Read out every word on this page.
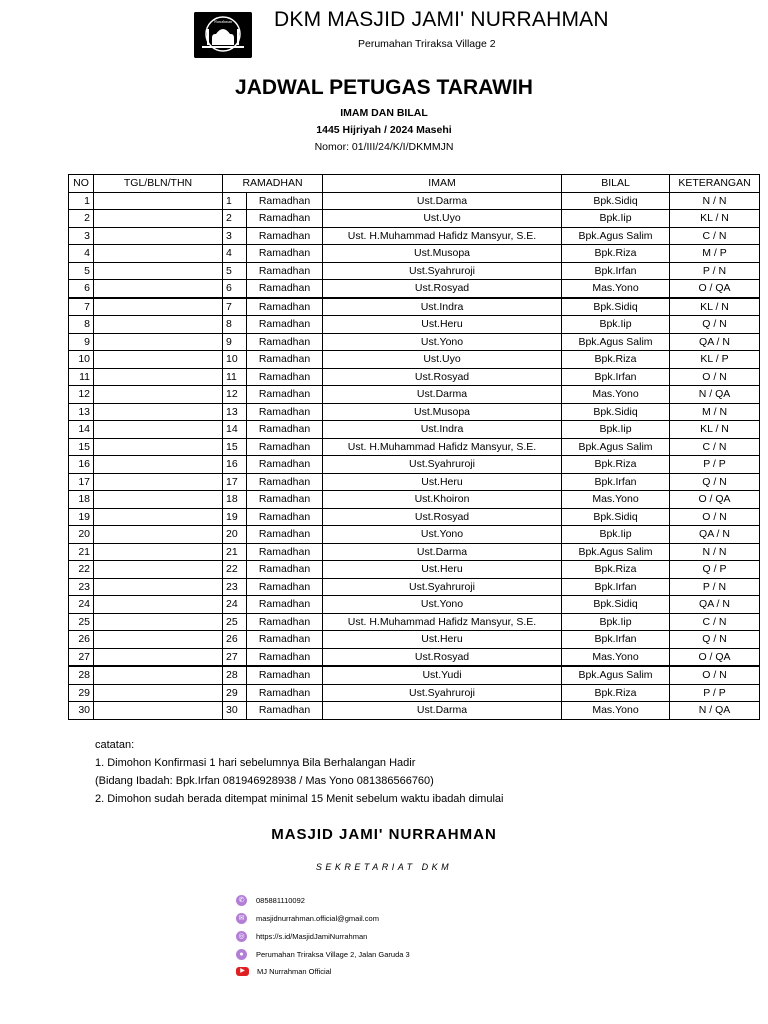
Nurrahman DKM MASJID JAMI' NURRAHMAN
Perumahan Triraksa Village 2
JADWAL PETUGAS TARAWIH
IMAM DAN BILAL
1445 Hijriyah / 2024 Masehi
Nomor: 01/III/24/K/I/DKMMJN
NO	TGL/BLN/THN	RAMADHAN		IMAM	BILAL	KETERANGAN
1		1	Ramadhan	Ust.Darma	Bpk.Sidiq	N / N
2		2	Ramadhan	Ust.Uyo	Bpk.Iip	KL / N
3		3	Ramadhan	Ust. H.Muhammad Hafidz Mansyur, S.E.	Bpk.Agus Salim	C / N
4		4	Ramadhan	Ust.Musopa	Bpk.Riza	M / P
5		5	Ramadhan	Ust.Syahruroji	Bpk.Irfan	P / N
6		6	Ramadhan	Ust.Rosyad	Mas.Yono	O / QA
7		7	Ramadhan	Ust.Indra	Bpk.Sidiq	KL / N
8		8	Ramadhan	Ust.Heru	Bpk.Iip	Q / N
9		9	Ramadhan	Ust.Yono	Bpk.Agus Salim	QA / N
10		10	Ramadhan	Ust.Uyo	Bpk.Riza	KL / P
11		11	Ramadhan	Ust.Rosyad	Bpk.Irfan	O / N
12		12	Ramadhan	Ust.Darma	Mas.Yono	N / QA
13		13	Ramadhan	Ust.Musopa	Bpk.Sidiq	M / N
14		14	Ramadhan	Ust.Indra	Bpk.Iip	KL / N
15		15	Ramadhan	Ust. H.Muhammad Hafidz Mansyur, S.E.	Bpk.Agus Salim	C / N
16		16	Ramadhan	Ust.Syahruroji	Bpk.Riza	P / P
17		17	Ramadhan	Ust.Heru	Bpk.Irfan	Q / N
18		18	Ramadhan	Ust.Khoiron	Mas.Yono	O / QA
19		19	Ramadhan	Ust.Rosyad	Bpk.Sidiq	O / N
20		20	Ramadhan	Ust.Yono	Bpk.Iip	QA / N
21		21	Ramadhan	Ust.Darma	Bpk.Agus Salim	N / N
22		22	Ramadhan	Ust.Heru	Bpk.Riza	Q / P
23		23	Ramadhan	Ust.Syahruroji	Bpk.Irfan	P / N
24		24	Ramadhan	Ust.Yono	Bpk.Sidiq	QA / N
25		25	Ramadhan	Ust. H.Muhammad Hafidz Mansyur, S.E.	Bpk.Iip	C / N
26		26	Ramadhan	Ust.Heru	Bpk.Irfan	Q / N
27		27	Ramadhan	Ust.Rosyad	Mas.Yono	O / QA
28		28	Ramadhan	Ust.Yudi	Bpk.Agus Salim	O / N
29		29	Ramadhan	Ust.Syahruroji	Bpk.Riza	P / P
30		30	Ramadhan	Ust.Darma	Mas.Yono	N / QA
catatan:
1. Dimohon Konfirmasi 1 hari sebelumnya Bila Berhalangan Hadir
(Bidang Ibadah: Bpk.Irfan 081946928938 / Mas Yono 081386566760)
2. Dimohon sudah berada ditempat minimal 15 Menit sebelum waktu ibadah dimulai
MASJID JAMI' NURRAHMAN
SEKRETARIAT DKM
✆	085881110092
✉	masjidnurrahman.official@gmail.com
◎	https://s.id/MasjidJamiNurrahman
●	Perumahan Triraksa Village 2, Jalan Garuda 3
▶	MJ Nurrahman Official
